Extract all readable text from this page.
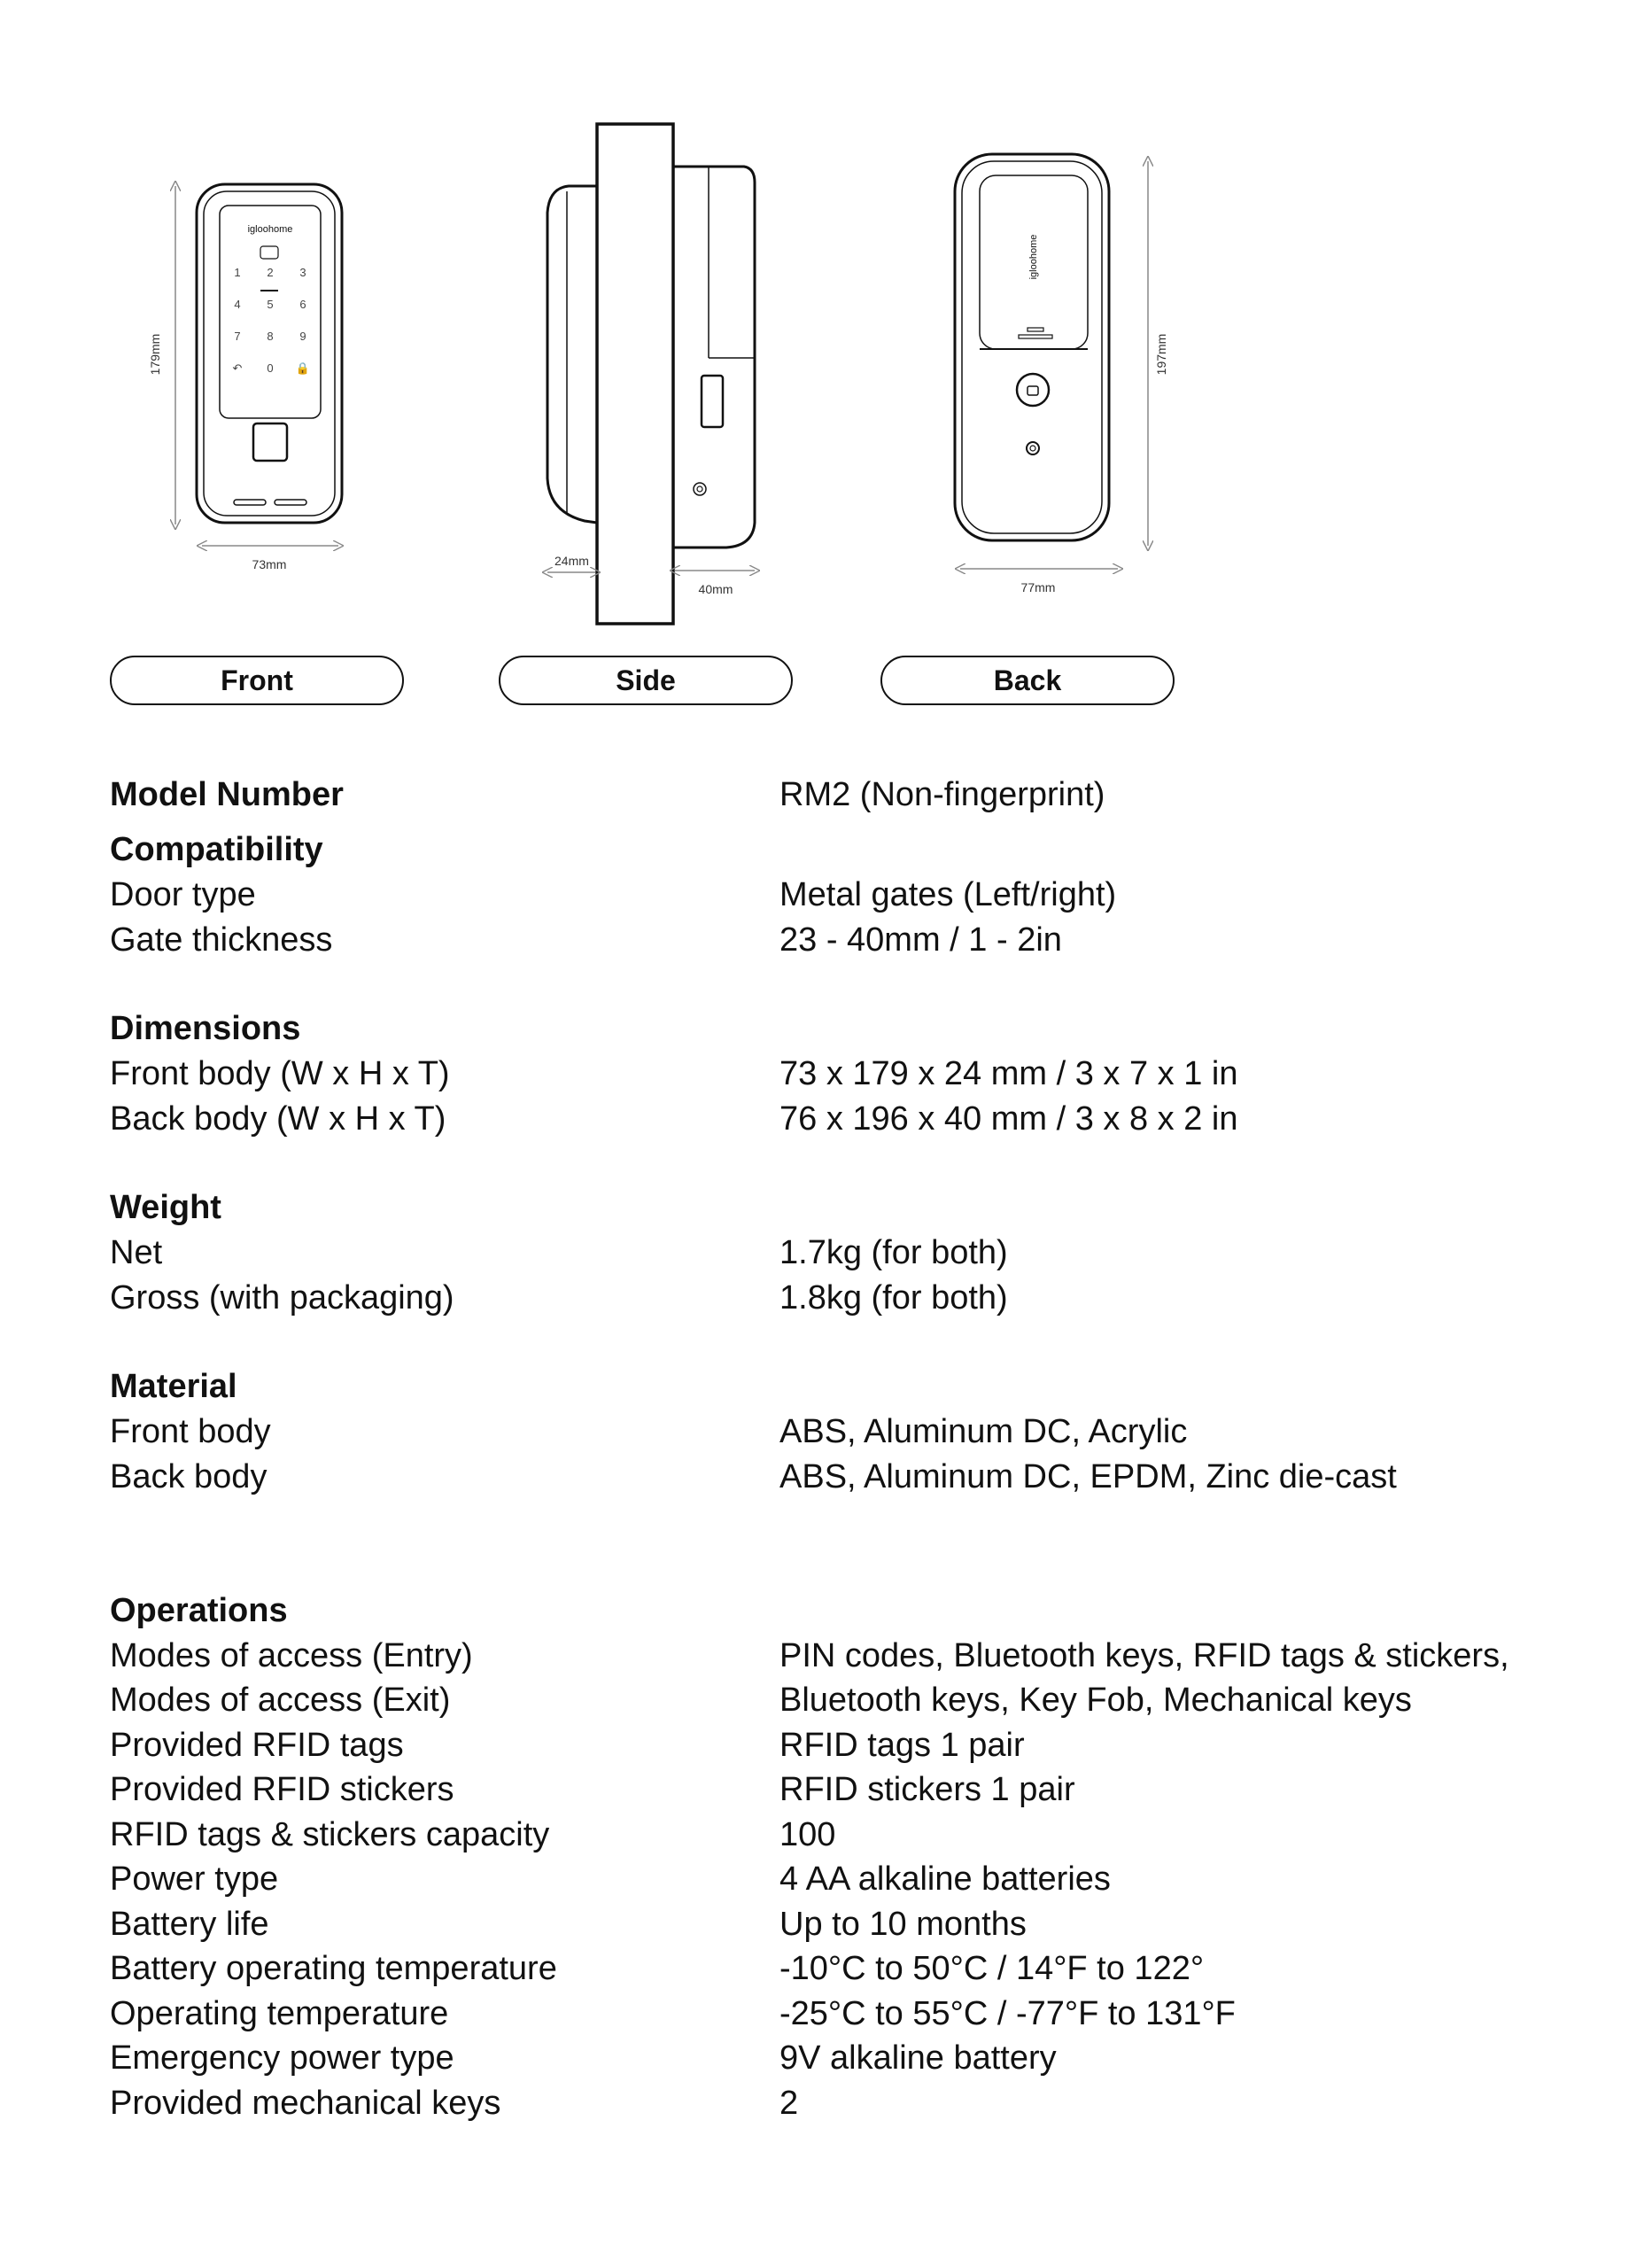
igloohome
1 2 3
4 5 6
7 8 9
↶ 0 🔒
179mm
73mm	24mm
40mm
igloohome
197mm
77mm
Front	Side	Back
Model Number	RM2 (Non-fingerprint)
Compatibility
Door type	Metal gates (Left/right)
Gate thickness	23 - 40mm / 1 - 2in
Dimensions
Front body (W x H x T)	73 x 179 x 24 mm / 3 x 7 x 1 in
Back body (W x H x T)	76 x 196 x 40 mm / 3 x 8 x 2 in
Weight
Net	1.7kg (for both)
Gross (with packaging)	1.8kg (for both)
Material
Front body	ABS, Aluminum DC, Acrylic
Back body	ABS, Aluminum DC, EPDM, Zinc die-cast
Operations
Modes of access (Entry)	PIN codes, Bluetooth keys, RFID tags & stickers,
Modes of access (Exit)	Bluetooth keys, Key Fob, Mechanical keys
Provided RFID tags	RFID tags 1 pair
Provided RFID stickers	RFID stickers 1 pair
RFID tags & stickers capacity	100
Power type	4 AA alkaline batteries
Battery life	Up to 10 months
Battery operating temperature	-10°C to 50°C / 14°F to 122°
Operating temperature	-25°C to 55°C / -77°F to 131°F
Emergency power type	9V alkaline battery
Provided mechanical keys	2
